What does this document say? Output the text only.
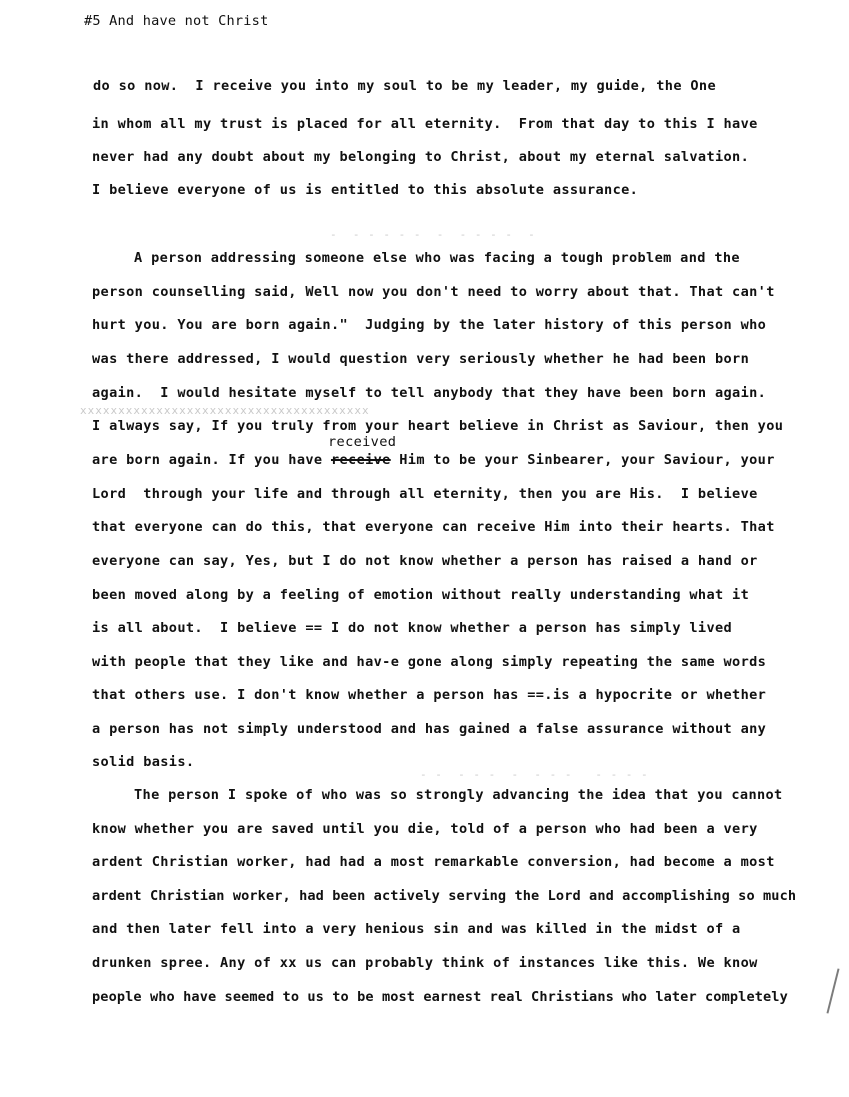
#5 And have not Christ
-  - - - - -  -  - - - -  -
xxxxxxxxxxxxxxxxxxxxxxxxxxxxxxxxxxxxxx
- -  - - -  -  - - -   - - - -
do so now.  I receive you into my soul to be my leader, my guide, the One
in whom all my trust is placed for all eternity.  From that day to this I have
never had any doubt about my belonging to Christ, about my eternal salvation.
I believe everyone of us is entitled to this absolute assurance.
A person addressing someone else who was facing a tough problem and the
person counselling said, Well now you don't need to worry about that. That can't
hurt you. You are born again."  Judging by the later history of this person who
was there addressed, I would question very seriously whether he had been born
again.  I would hesitate myself to tell anybody that they have been born again.
I always say, If you truly from your heart believe in Christ as Saviour, then you
received
are born again. If you have receive Him to be your Sinbearer, your Saviour, your
Lord  through your life and through all eternity, then you are His.  I believe
that everyone can do this, that everyone can receive Him into their hearts. That
everyone can say, Yes, but I do not know whether a person has raised a hand or
been moved along by a feeling of emotion without really understanding what it
is all about.  I believe == I do not know whether a person has simply lived
with people that they like and hav-e gone along simply repeating the same words
that others use. I don't know whether a person has ==.is a hypocrite or whether
a person has not simply understood and has gained a false assurance without any
solid basis.
The person I spoke of who was so strongly advancing the idea that you cannot
know whether you are saved until you die, told of a person who had been a very
ardent Christian worker, had had a most remarkable conversion, had become a most
ardent Christian worker, had been actively serving the Lord and accomplishing so much
and then later fell into a very henious sin and was killed in the midst of a
drunken spree. Any of xx us can probably think of instances like this. We know
people who have seemed to us to be most earnest real Christians who later completely
